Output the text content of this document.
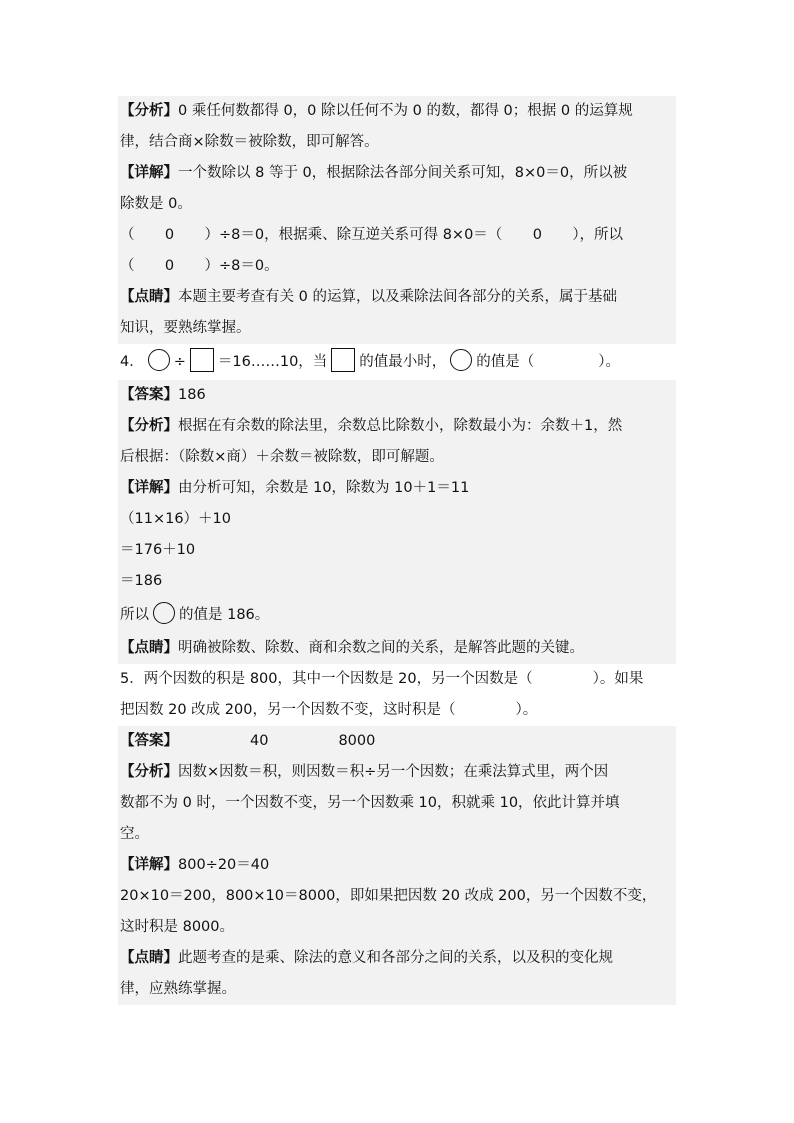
【分析】0 乘任何数都得 0，0 除以任何不为 0 的数，都得 0；根据 0 的运算规
律，结合商×除数＝被除数，即可解答。
【详解】一个数除以 8 等于 0，根据除法各部分间关系可知，8×0＝0，所以被
除数是 0。
（ 0 ）÷8＝0，根据乘、除互逆关系可得 8×0＝（ 0 ），所以
（ 0 ）÷8＝0。
【点睛】本题主要考查有关 0 的运算，以及乘除法间各部分的关系，属于基础
知识，要熟练掌握。
4． ÷ ＝16……10，当 的值最小时， 的值是（	）。
【答案】186
【分析】根据在有余数的除法里，余数总比除数小，除数最小为：余数＋1，然
后根据：（除数×商）＋余数＝被除数，即可解题。
【详解】由分析可知，余数是 10，除数为 10＋1＝11
（11×16）＋10
＝176＋10
＝186
所以 的值是 186。
【点睛】明确被除数、除数、商和余数之间的关系，是解答此题的关键。
5．两个因数的积是 800，其中一个因数是 20，另一个因数是（	）。如果
把因数 20 改成 200，另一个因数不变，这时积是（	）。
【答案】	40	8000
【分析】因数×因数＝积，则因数＝积÷另一个因数；在乘法算式里，两个因
数都不为 0 时，一个因数不变，另一个因数乘 10，积就乘 10，依此计算并填
空。
【详解】800÷20＝40
20×10＝200，800×10＝8000，即如果把因数 20 改成 200，另一个因数不变，
这时积是 8000。
【点睛】此题考查的是乘、除法的意义和各部分之间的关系，以及积的变化规
律，应熟练掌握。
